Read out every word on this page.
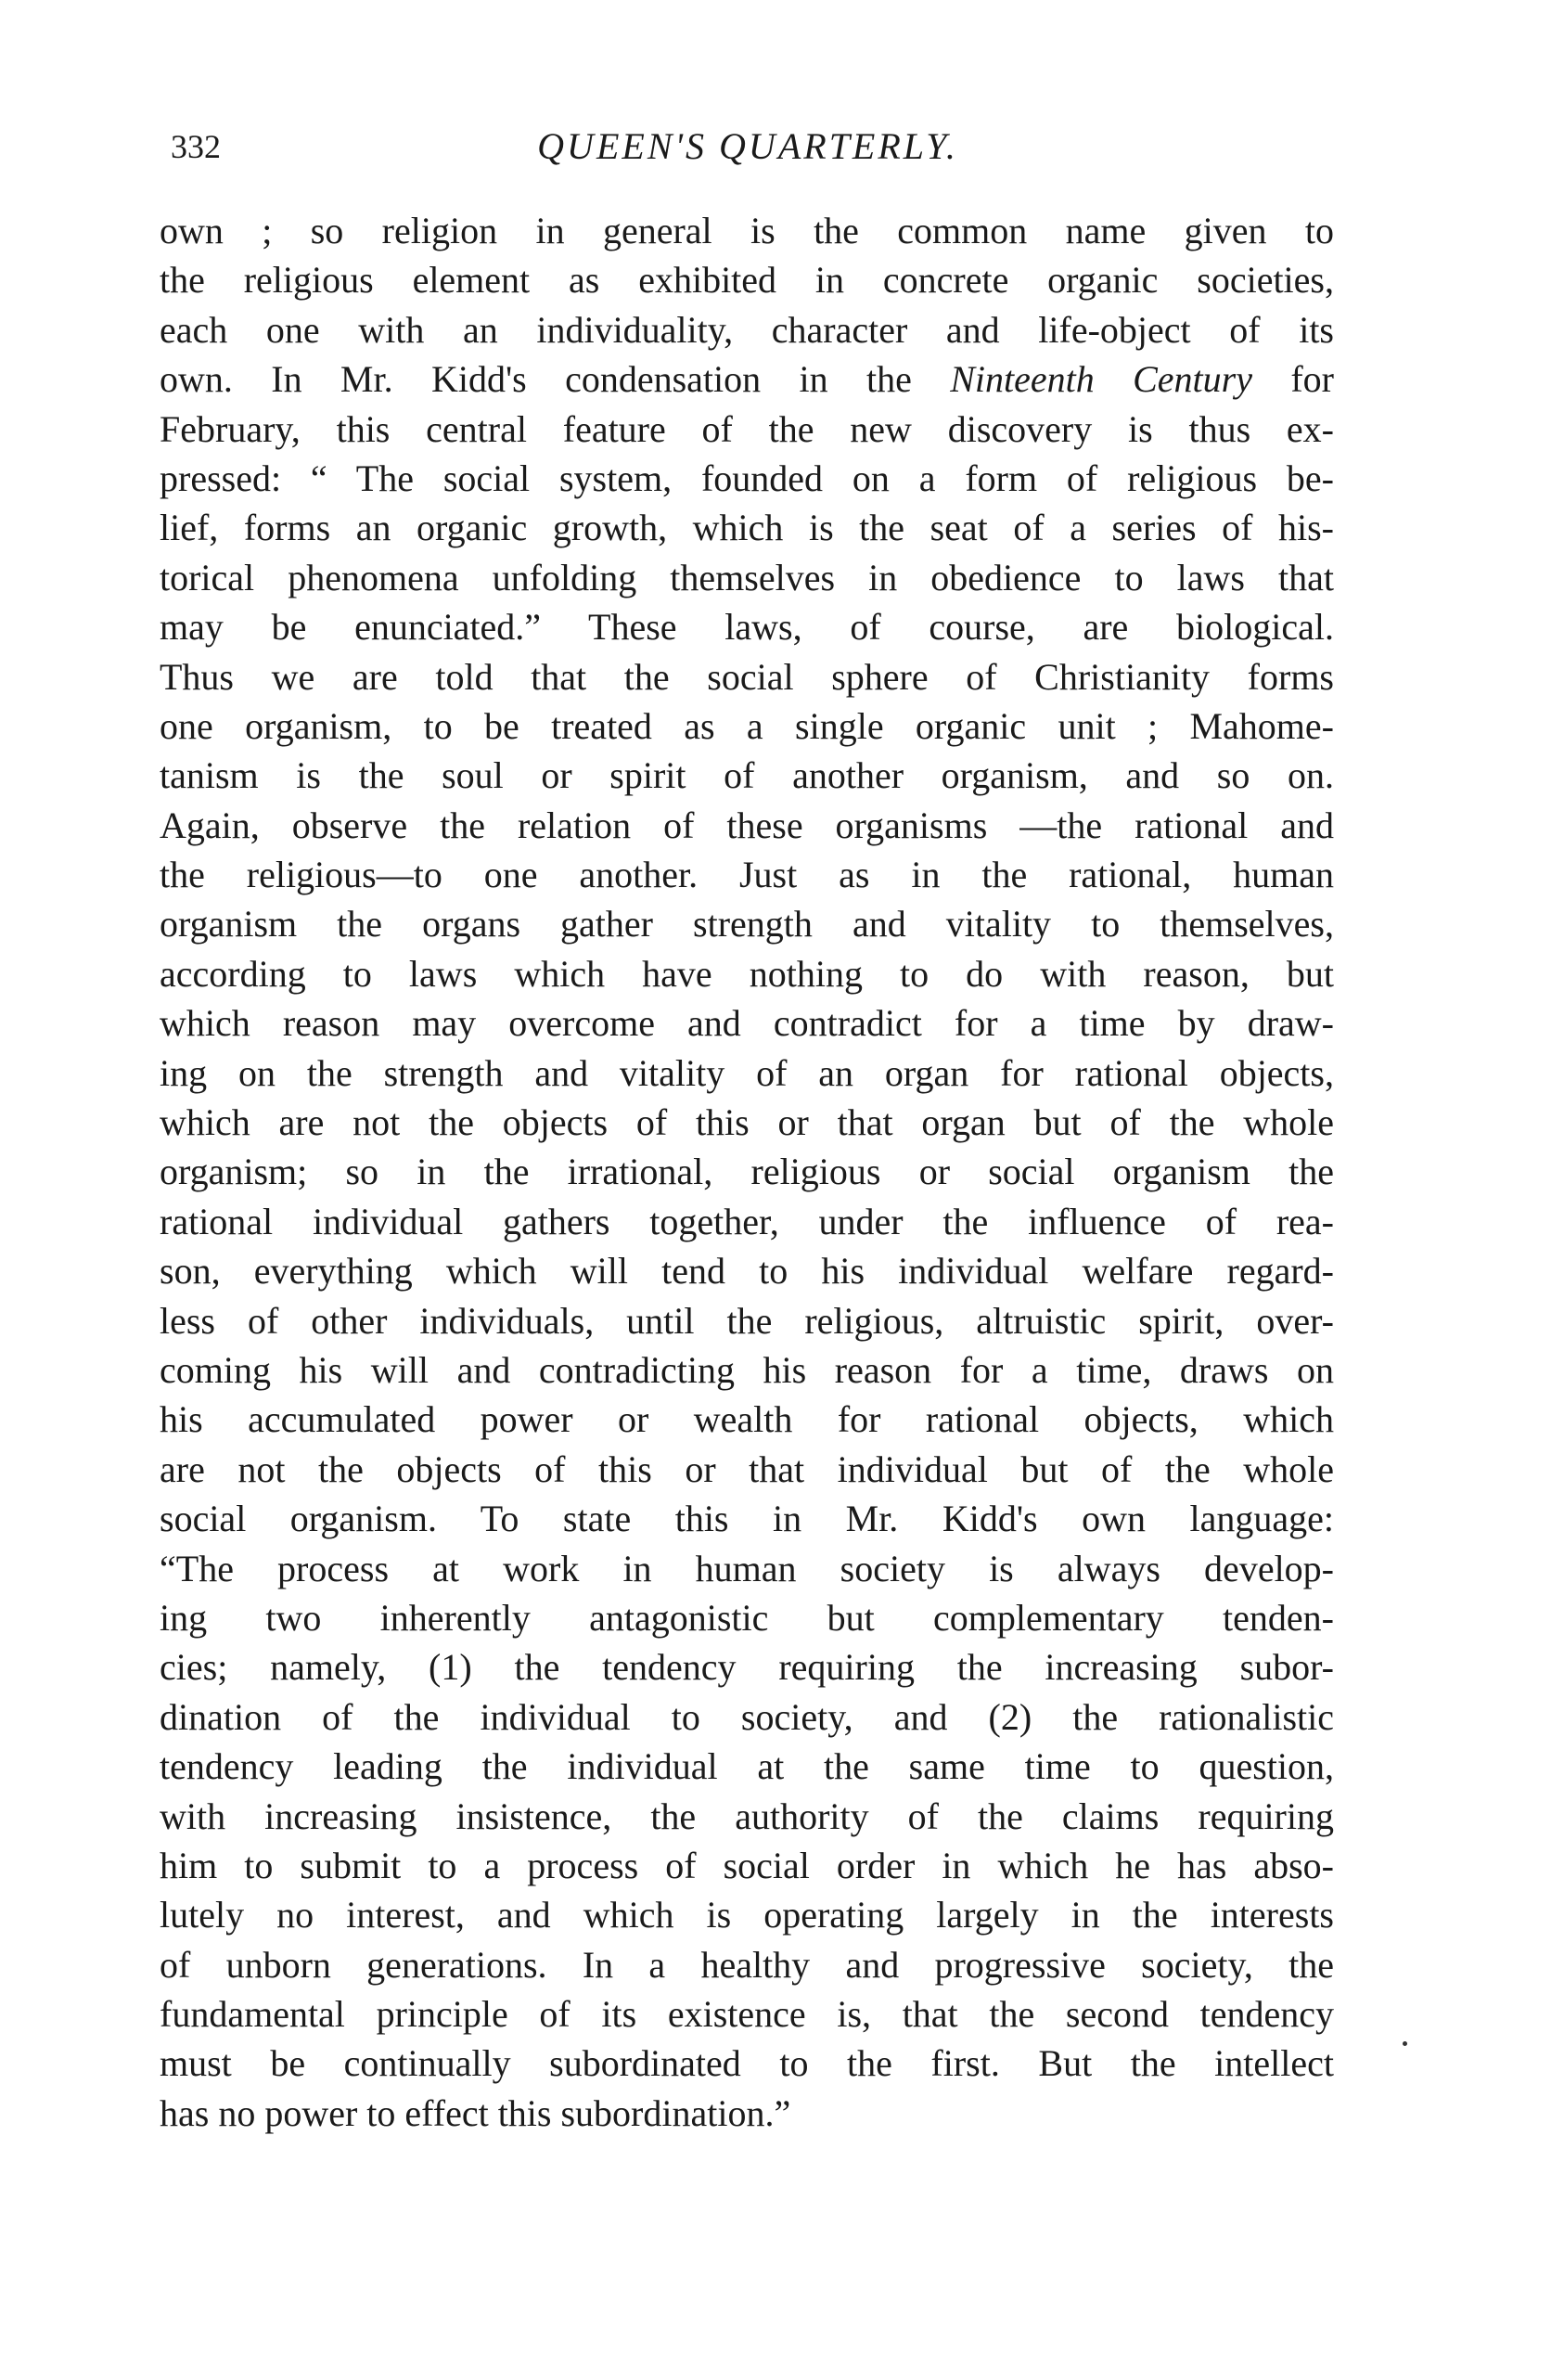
332	QUEEN'S QUARTERLY.
own ; so religion in general is the common name given to
the religious element as exhibited in concrete organic societies,
each one with an individuality, character and life-object of its
own. In Mr. Kidd's condensation in the Ninteenth Century for
February, this central feature of the new discovery is thus ex-
pressed: “ The social system, founded on a form of religious be-
lief, forms an organic growth, which is the seat of a series of his-
torical phenomena unfolding themselves in obedience to laws that
may be enunciated.” These laws, of course, are biological.
Thus we are told that the social sphere of Christianity forms
one organism, to be treated as a single organic unit ; Mahome-
tanism is the soul or spirit of another organism, and so on.
Again, observe the relation of these organisms —the rational and
the religious—to one another. Just as in the rational, human
organism the organs gather strength and vitality to themselves,
according to laws which have nothing to do with reason, but
which reason may overcome and contradict for a time by draw-
ing on the strength and vitality of an organ for rational objects,
which are not the objects of this or that organ but of the whole
organism; so in the irrational, religious or social organism the
rational individual gathers together, under the influence of rea-
son, everything which will tend to his individual welfare regard-
less of other individuals, until the religious, altruistic spirit, over-
coming his will and contradicting his reason for a time, draws on
his accumulated power or wealth for rational objects, which
are not the objects of this or that individual but of the whole
social organism. To state this in Mr. Kidd's own language:
“The process at work in human society is always develop-
ing two inherently antagonistic but complementary tenden-
cies; namely, (1) the tendency requiring the increasing subor-
dination of the individual to society, and (2) the rationalistic
tendency leading the individual at the same time to question,
with increasing insistence, the authority of the claims requiring
him to submit to a process of social order in which he has abso-
lutely no interest, and which is operating largely in the interests
of unborn generations. In a healthy and progressive society, the
fundamental principle of its existence is, that the second tendency
must be continually subordinated to the first. But the intellect
has no power to effect this subordination.”
